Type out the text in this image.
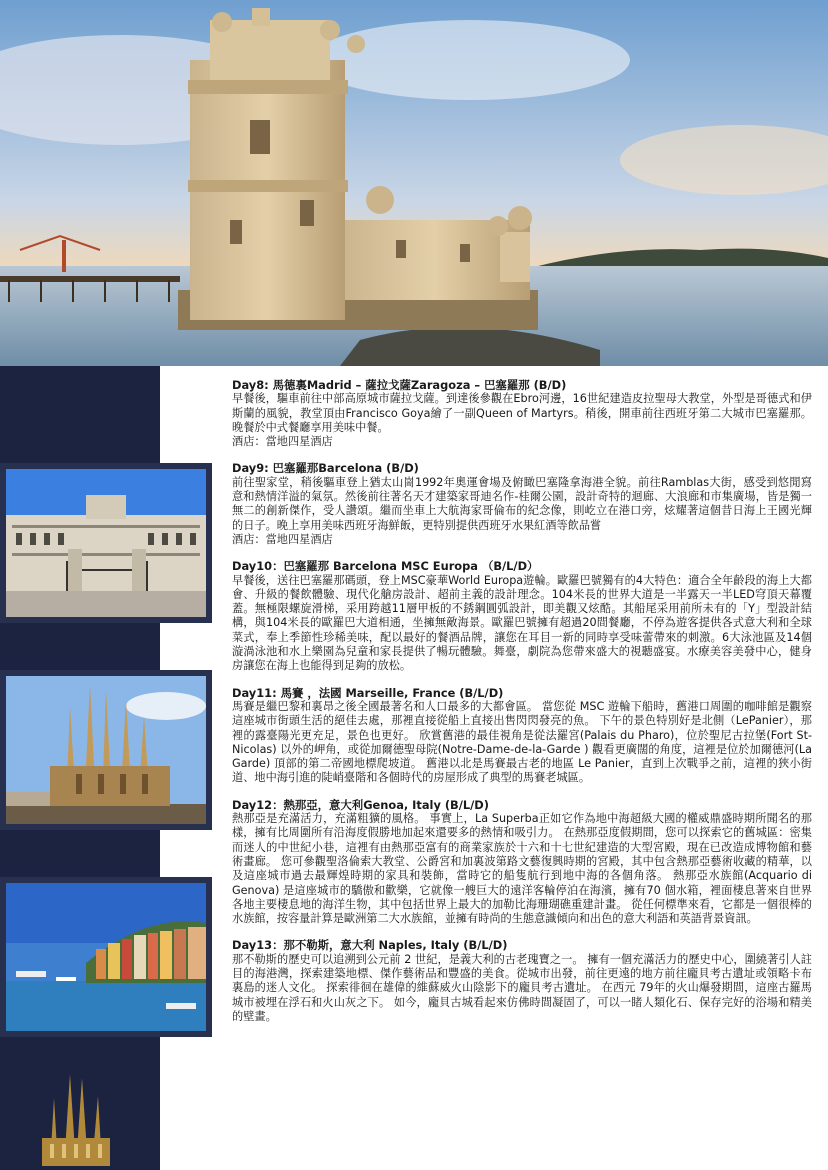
Day8: 馬德裏Madrid – 薩拉戈薩Zaragoza – 巴塞羅那 (B/D)

早餐後，驅車前往中部高原城市薩拉戈薩。到達後參觀在Ebro河邊，16世紀建造皮拉聖母大教堂，外型是哥德式和伊斯蘭的風貌，教堂頂由Francisco Goya繪了一副Queen of Martyrs。稍後，開車前往西班牙第二大城市巴塞羅那。晚餐於中式餐廳享用美味中餐。

酒店：當地四星酒店

Day9: 巴塞羅那Barcelona (B/D)

前往聖家堂，稍後驅車登上猶太山崗1992年奧運會場及俯瞰巴塞隆拿海港全貌。前往Ramblas大街，感受到悠閒寫意和熱情洋溢的氣氛。然後前往著名天才建築家哥迪名作-桂爾公園，設計奇特的迴廊、大浪廊和市集廣場，皆是獨一無二的創新傑作，受人讚頌。繼而坐車上大航海家哥倫布的紀念像，則屹立在港口旁，炫耀著這個昔日海上王國光輝的日子。晚上享用美味西班牙海鮮飯，更特別提供西班牙水果紅酒等飲品嘗

酒店：當地四星酒店

Day10：巴塞羅那 Barcelona MSC Europa （B/L/D）

早餐後，送往巴塞羅那碼頭，登上MSC豪華World Europa遊輪。歐羅巴號獨有的4大特色：適合全年齡段的海上大都會、升級的餐飲體驗、現代化艙房設計、超前主義的設計理念。104米長的世界大道是一半露天一半LED穹頂天幕覆蓋。無極限螺旋滑梯，采用跨越11層甲板的不銹鋼圓弧設計，即美觀又炫酷。其船尾采用前所未有的「Y」型設計結構，與104米長的歐羅巴大道相通，坐擁無敵海景。歐羅巴號擁有超過20間餐廳，不停為遊客提供各式意大利和全球菜式，奉上季節性珍稀美味，配以最好的餐酒品牌，讓您在耳目一新的同時享受味蕾帶來的刺激。6大泳池區及14個漩渦泳池和水上樂園為兒童和家長提供了暢玩體驗。舞臺，劇院為您帶來盛大的視聽盛宴。水療美容美發中心，健身房讓您在海上也能得到足夠的放松。

Day11: 馬賽 ，法國 Marseille, France (B/L/D)

馬賽是繼巴黎和裏昂之後全國最著名和人口最多的大都會區。 當您從 MSC 遊輪下船時，舊港口周圍的咖啡館是觀察這座城市街頭生活的絕佳去處，那裡直接從船上直接出售閃閃發亮的魚。 下午的景色特別好是北側（LePanier），那裡的露臺陽光更充足，景色也更好。 欣賞舊港的最佳視角是從法羅宮(Palais du Pharo)，位於聖尼古拉堡(Fort St-Nicolas) 以外的岬角，或從加爾德聖母院(Notre-Dame-de-la-Garde ) 觀看更廣闊的角度，這裡是位於加爾德河(La Garde) 頂部的第二帝國地標爬坡道。 舊港以北是馬賽最古老的地區 Le Panier，直到上次戰爭之前，這裡的狹小街道、地中海引進的陡峭臺階和各個時代的房屋形成了典型的馬賽老城區。

Day12：熱那亞，意大利Genoa, Italy (B/L/D)

熱那亞是充滿活力，充滿粗獷的風格。 事實上，La Superba正如它作為地中海超級大國的權威鼎盛時期所聞名的那樣，擁有比周圍所有沿海度假勝地加起來還要多的熱情和吸引力。 在熱那亞度假期間，您可以探索它的舊城區：密集而迷人的中世紀小巷，這裡有由熱那亞富有的商業家族於十六和十七世紀建造的大型宮殿，現在已改造成博物館和藝術畫廊。 您可參觀聖洛倫索大教堂、公爵宮和加裏波第路文藝復興時期的宮殿，其中包含熱那亞藝術收藏的精華，以及這座城市過去最輝煌時期的家具和裝飾，當時它的船隻航行到地中海的各個角落。 熱那亞水族館(Acquario di Genova) 是這座城市的驕傲和歡樂，它就像一艘巨大的遠洋客輪停泊在海濱，擁有70 個水箱，裡面棲息著來自世界各地主要棲息地的海洋生物，其中包括世界上最大的加勒比海珊瑚礁重建計畫。 從任何標準來看，它都是一個很棒的水族館，按容量計算是歐洲第二大水族館，並擁有時尚的生態意識傾向和出色的意大利語和英語背景資訊。

Day13：那不勒斯，意大利 Naples, Italy (B/L/D)

那不勒斯的歷史可以追溯到公元前 2 世紀，是義大利的古老瑰寶之一。 擁有一個充滿活力的歷史中心，圍繞著引人註目的海港灣，探索建築地標、傑作藝術品和豐盛的美食。從城市出發，前往更遠的地方前往龐貝考古遺址或領略卡布裏島的迷人文化。 探索徘徊在雄偉的維蘇威火山陰影下的龐貝考古遺址。 在西元 79年的火山爆發期間，這座古羅馬城市被埋在浮石和火山灰之下。 如今，龐貝古城看起來仿佛時間凝固了，可以一睹人類化石、保存完好的浴場和精美的壁畫。
